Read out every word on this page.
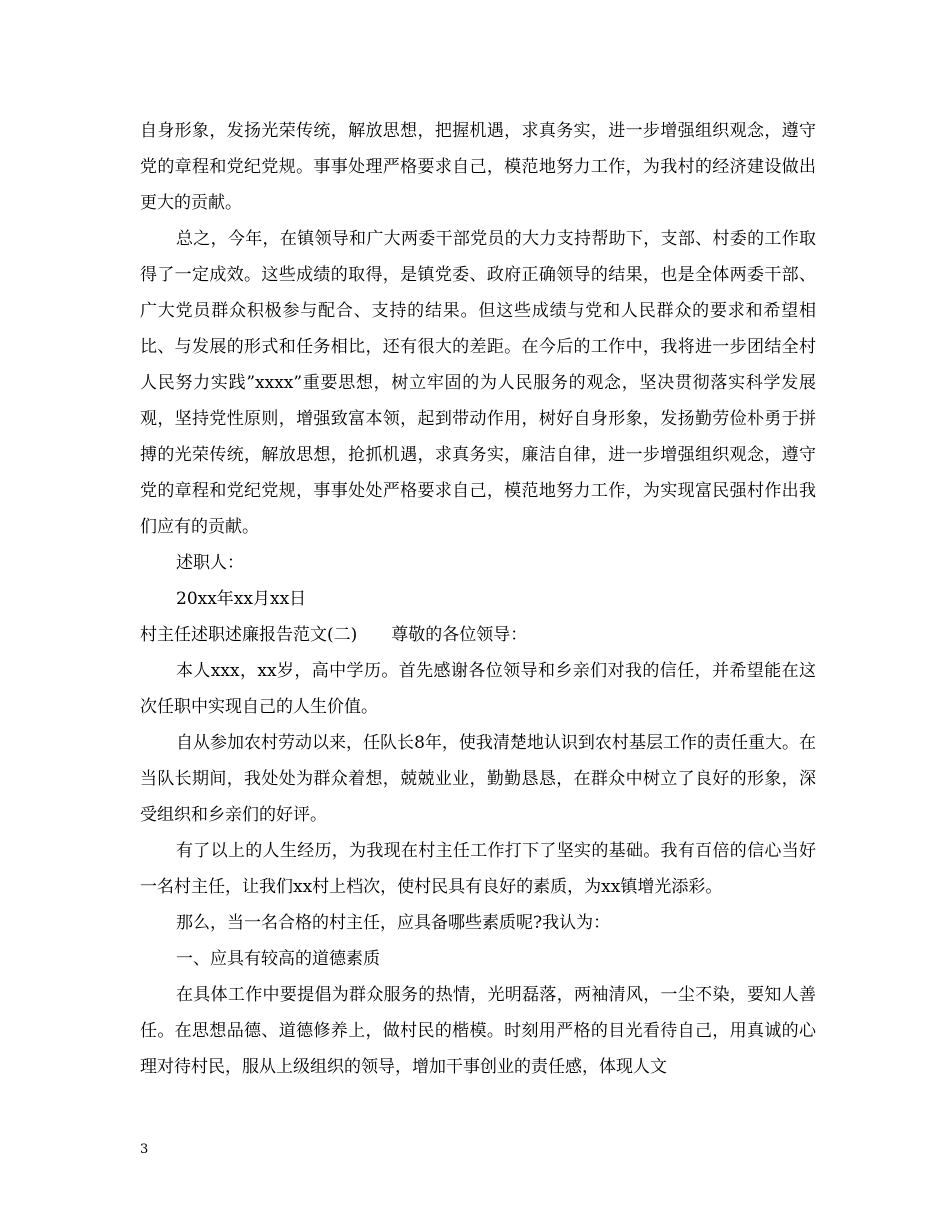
自身形象，发扬光荣传统，解放思想，把握机遇，求真务实，进一步增强组织观念，遵守党的章程和党纪党规。事事处理严格要求自己，模范地努力工作，为我村的经济建设做出更大的贡献。

总之，今年，在镇领导和广大两委干部党员的大力支持帮助下，支部、村委的工作取得了一定成效。这些成绩的取得，是镇党委、政府正确领导的结果，也是全体两委干部、广大党员群众积极参与配合、支持的结果。但这些成绩与党和人民群众的要求和希望相比、与发展的形式和任务相比，还有很大的差距。在今后的工作中，我将进一步团结全村人民努力实践”xxxx”重要思想，树立牢固的为人民服务的观念，坚决贯彻落实科学发展观，坚持党性原则，增强致富本领，起到带动作用，树好自身形象，发扬勤劳俭朴勇于拼搏的光荣传统，解放思想，抢抓机遇，求真务实，廉洁自律，进一步增强组织观念，遵守党的章程和党纪党规，事事处处严格要求自己，模范地努力工作，为实现富民强村作出我们应有的贡献。

述职人：

20xx年xx月xx日

村主任述职述廉报告范文(二)　　尊敬的各位领导：

本人xxx，xx岁，高中学历。首先感谢各位领导和乡亲们对我的信任，并希望能在这次任职中实现自己的人生价值。

自从参加农村劳动以来，任队长8年，使我清楚地认识到农村基层工作的责任重大。在当队长期间，我处处为群众着想，兢兢业业，勤勤恳恳，在群众中树立了良好的形象，深受组织和乡亲们的好评。

有了以上的人生经历，为我现在村主任工作打下了坚实的基础。我有百倍的信心当好一名村主任，让我们xx村上档次，使村民具有良好的素质，为xx镇增光添彩。

那么，当一名合格的村主任，应具备哪些素质呢?我认为：

一、应具有较高的道德素质

在具体工作中要提倡为群众服务的热情，光明磊落，两袖清风，一尘不染，要知人善任。在思想品德、道德修养上，做村民的楷模。时刻用严格的目光看待自己，用真诚的心理对待村民，服从上级组织的领导，增加干事创业的责任感，体现人文

3
